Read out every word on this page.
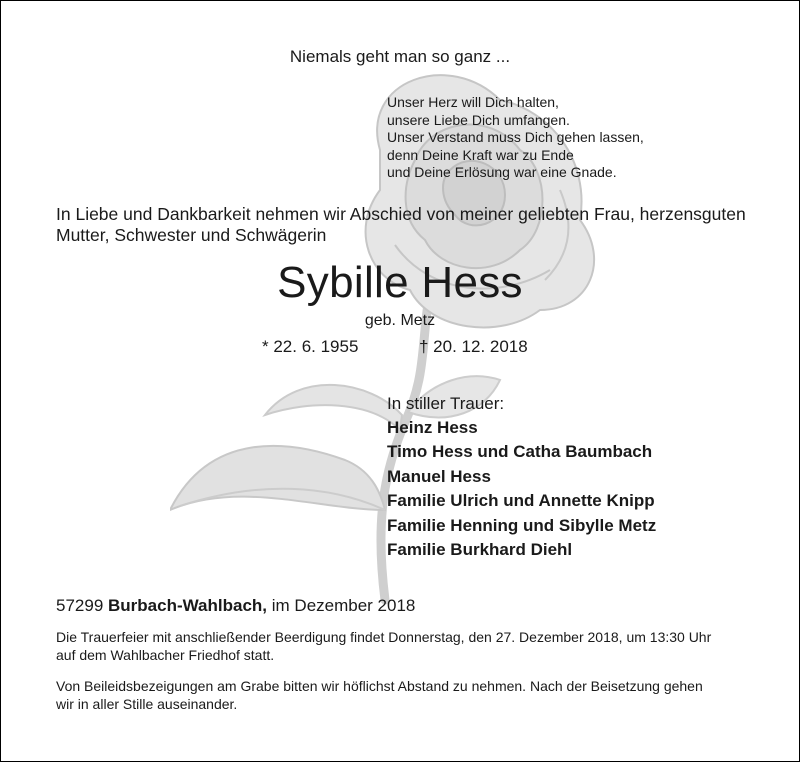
Niemals geht man so ganz ...
Unser Herz will Dich halten,
unsere Liebe Dich umfangen.
Unser Verstand muss Dich gehen lassen,
denn Deine Kraft war zu Ende
und Deine Erlösung war eine Gnade.
In Liebe und Dankbarkeit nehmen wir Abschied von meiner geliebten Frau, herzensguten
Mutter, Schwester und Schwägerin
Sybille Hess
geb. Metz
* 22. 6. 1955	† 20. 12. 2018
In stiller Trauer:
Heinz Hess
Timo Hess und Catha Baumbach
Manuel Hess
Familie Ulrich und Annette Knipp
Familie Henning und Sibylle Metz
Familie Burkhard Diehl
57299 Burbach-Wahlbach, im Dezember 2018
Die Trauerfeier mit anschließender Beerdigung findet Donnerstag, den 27. Dezember 2018, um 13:30 Uhr
auf dem Wahlbacher Friedhof statt.
Von Beileidsbezeigungen am Grabe bitten wir höflichst Abstand zu nehmen. Nach der Beisetzung gehen
wir in aller Stille auseinander.
